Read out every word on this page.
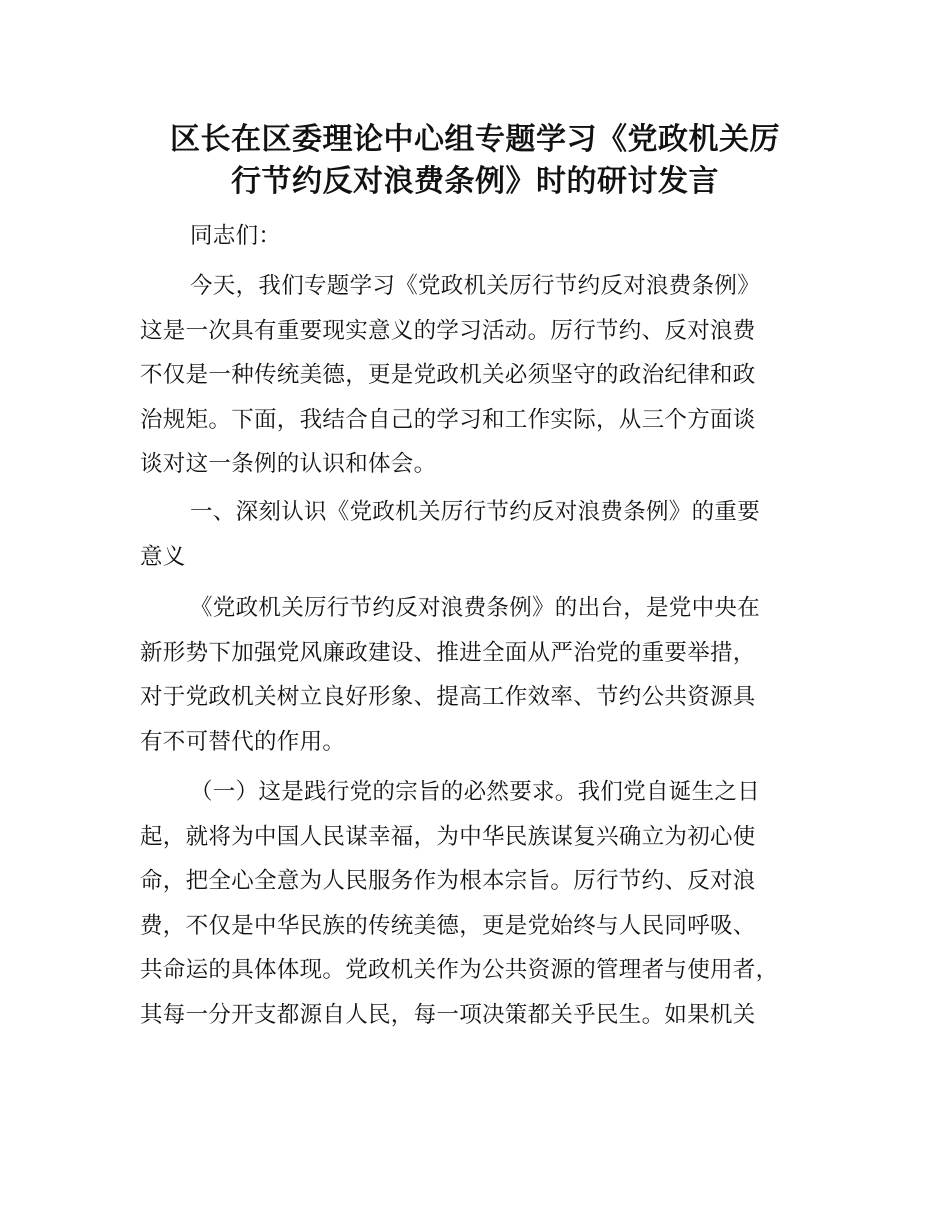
区长在区委理论中心组专题学习《党政机关厉
行节约反对浪费条例》时的研讨发言
同志们：
今天，我们专题学习《党政机关厉行节约反对浪费条例》
这是一次具有重要现实意义的学习活动。厉行节约、反对浪费
不仅是一种传统美德，更是党政机关必须坚守的政治纪律和政
治规矩。下面，我结合自己的学习和工作实际，从三个方面谈
谈对这一条例的认识和体会。
一、深刻认识《党政机关厉行节约反对浪费条例》的重要
意义
《党政机关厉行节约反对浪费条例》的出台，是党中央在
新形势下加强党风廉政建设、推进全面从严治党的重要举措，
对于党政机关树立良好形象、提高工作效率、节约公共资源具
有不可替代的作用。
（一）这是践行党的宗旨的必然要求。我们党自诞生之日
起，就将为中国人民谋幸福，为中华民族谋复兴确立为初心使
命，把全心全意为人民服务作为根本宗旨。厉行节约、反对浪
费，不仅是中华民族的传统美德，更是党始终与人民同呼吸、
共命运的具体体现。党政机关作为公共资源的管理者与使用者，
其每一分开支都源自人民，每一项决策都关乎民生。如果机关
